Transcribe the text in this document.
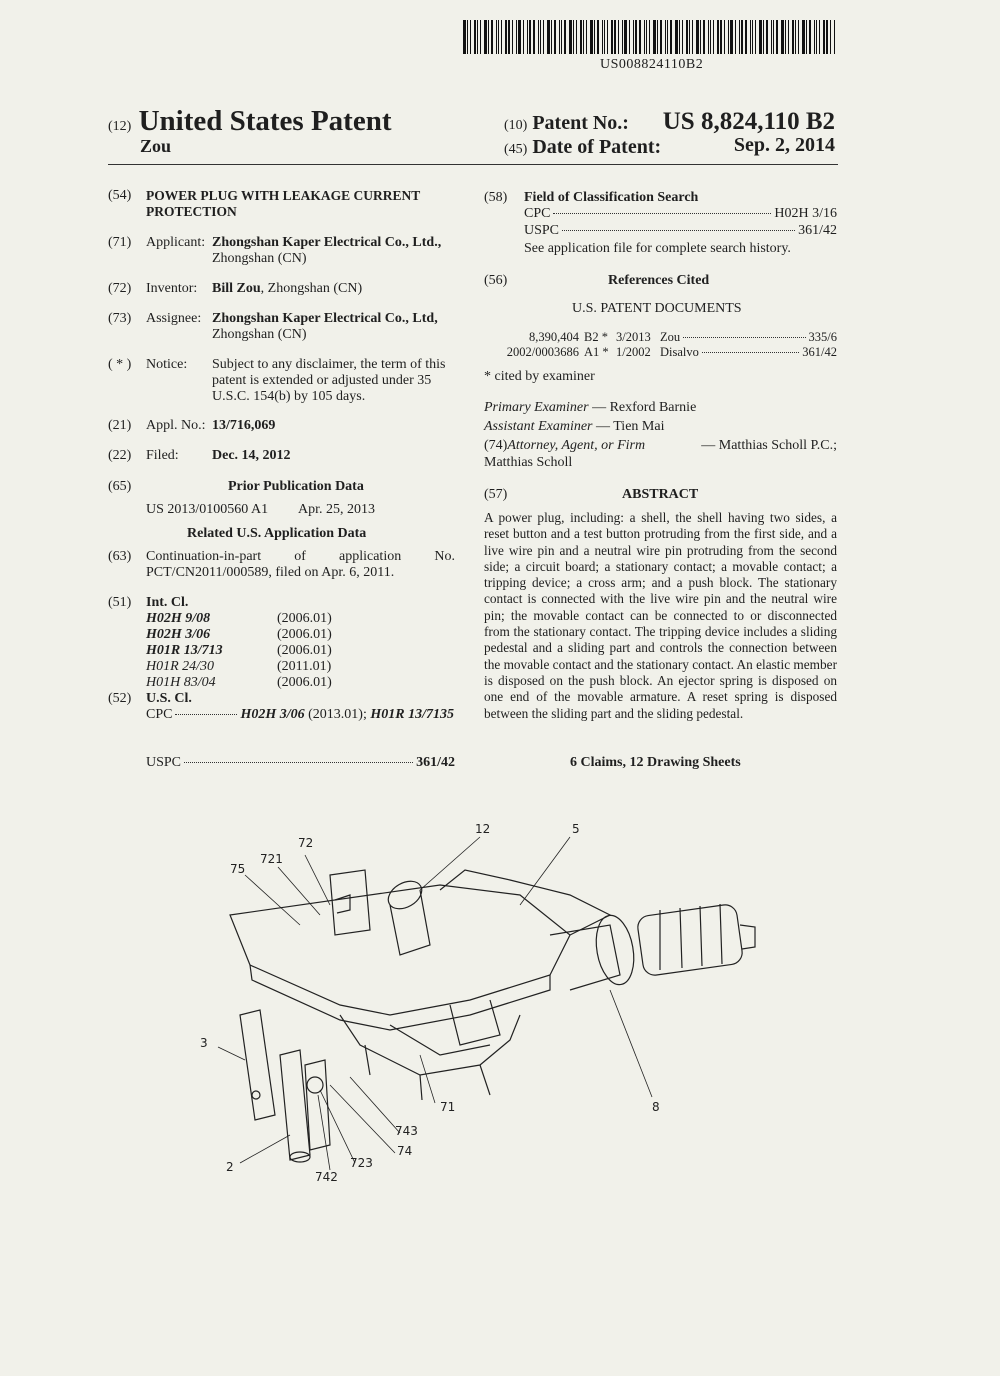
US008824110B2
(12) United States Patent
Zou
(10) Patent No.:
(45) Date of Patent:
US 8,824,110 B2
Sep. 2, 2014
(54) POWER PLUG WITH LEAKAGE CURRENT
PROTECTION
(71) Applicant: Zhongshan Kaper Electrical Co., Ltd.,
Zhongshan (CN)
(72) Inventor: Bill Zou, Zhongshan (CN)
(73) Assignee: Zhongshan Kaper Electrical Co., Ltd,
Zhongshan (CN)
( * ) Notice: Subject to any disclaimer, the term of this
patent is extended or adjusted under 35
U.S.C. 154(b) by 105 days.
(21) Appl. No.: 13/716,069
(22) Filed: Dec. 14, 2012
(65)	Prior Publication Data
US 2013/0100560 A1 Apr. 25, 2013
Related U.S. Application Data
(63) Continuation-in-part of application No.
PCT/CN2011/000589, filed on Apr. 6, 2011.
(51) Int. Cl.
H02H 9/08	(2006.01)
H02H 3/06	(2006.01)
H01R 13/713	(2006.01)
H01R 24/30	(2011.01)
H01H 83/04	(2006.01)
(52) U.S. Cl.
CPC	H02H 3/06 (2013.01); H01R 13/7135
USPC	361/42
(58) Field of Classification Search
CPC	H02H 3/16
USPC	361/42
See application file for complete search history.
(56)	References Cited
U.S. PATENT DOCUMENTS
8,390,404 B2 * 3/2013 Zou	335/6
2002/0003686 A1 * 1/2002 Disalvo	361/42
* cited by examiner
Primary Examiner — Rexford Barnie
Assistant Examiner — Tien Mai
(74) Attorney, Agent, or Firm	— Matthias Scholl P.C.;
Matthias Scholl
(57)	ABSTRACT
A power plug, including: a shell, the shell having two sides, a reset button and a test button protruding from the first side, and a live wire pin and a neutral wire pin protruding from the second side; a circuit board; a stationary contact; a movable contact; a tripping device; a cross arm; and a push block. The stationary contact is connected with the live wire pin and the neutral wire pin; the movable contact can be connected to or disconnected from the stationary contact. The tripping device includes a sliding pedestal and a sliding part and controls the connection between the movable contact and the stationary contact. An elastic member is disposed on the push block. An ejector spring is disposed on one end of the movable armature. A reset spring is disposed between the sliding part and the sliding pedestal.
6 Claims, 12 Drawing Sheets
72
721
75
12	5
3
71	8
743
74
723
2
742
